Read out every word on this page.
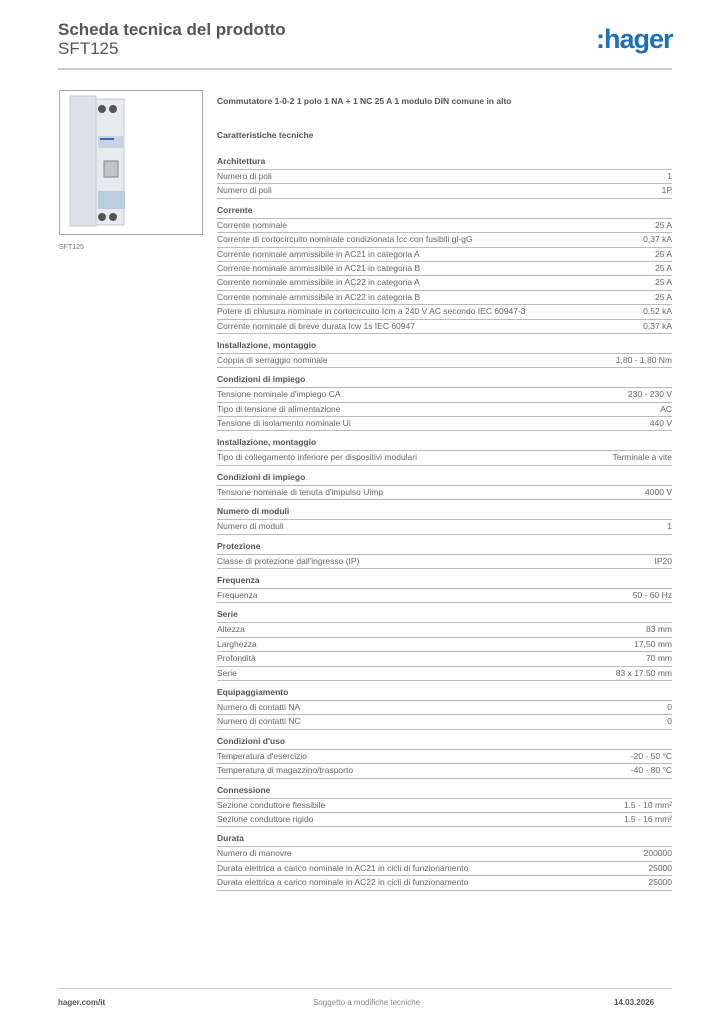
Scheda tecnica del prodotto
SFT125	:hager
SFT125
Commutatore 1-0-2 1 polo 1 NA + 1 NC 25 A 1 modulo DIN comune in alto
Caratteristiche tecniche
Architettura
Numero di poli	1
Numero di poli	1P
Corrente
Corrente nominale	25 A
Corrente di cortocircuito nominale condizionata Icc con fusibili gl-gG	0,37 kA
Corrente nominale ammissibile in AC21 in categoria A	25 A
Corrente nominale ammissibile in AC21 in categoria B	25 A
Corrente nominale ammissibile in AC22 in categoria A	25 A
Corrente nominale ammissibile in AC22 in categoria B	25 A
Potere di chiusura nominale in cortocircuito Icm a 240 V AC secondo IEC 60947-3	0,52 kA
Corrente nominale di breve durata Icw 1s IEC 60947	0,37 kA
Installazione, montaggio
Coppia di serraggio nominale	1,80 - 1,80 Nm
Condizioni di impiego
Tensione nominale d'impiego CA	230 - 230 V
Tipo di tensione di alimentazione	AC
Tensione di isolamento nominale Ui	440 V
Installazione, montaggio
Tipo di collegamento inferiore per dispositivi modulari	Terminale a vite
Condizioni di impiego
Tensione nominale di tenuta d'impulso Uimp	4000 V
Numero di moduli
Numero di moduli	1
Protezione
Classe di protezione dall'ingresso (IP)	IP20
Frequenza
Frequenza	50 - 60 Hz
Serie
Altezza	83 mm
Larghezza	17,50 mm
Profondità	70 mm
Serie	83 x 17.50 mm
Equipaggiamento
Numero di contatti NA	0
Numero di contatti NC	0
Condizioni d'uso
Temperatura d'esercizio	-20 - 50 °C
Temperatura di magazzino/trasporto	-40 - 80 °C
Connessione
Sezione conduttore flessibile	1.5 - 10 mm²
Sezione conduttore rigido	1.5 - 16 mm²
Durata
Numero di manovre	200000
Durata elettrica a carico nominale in AC21 in cicli di funzionamento	25000
Durata elettrica a carico nominale in AC22 in cicli di funzionamento	25000
hager.com/it	Soggetto a modifiche tecniche	14.03.2026
